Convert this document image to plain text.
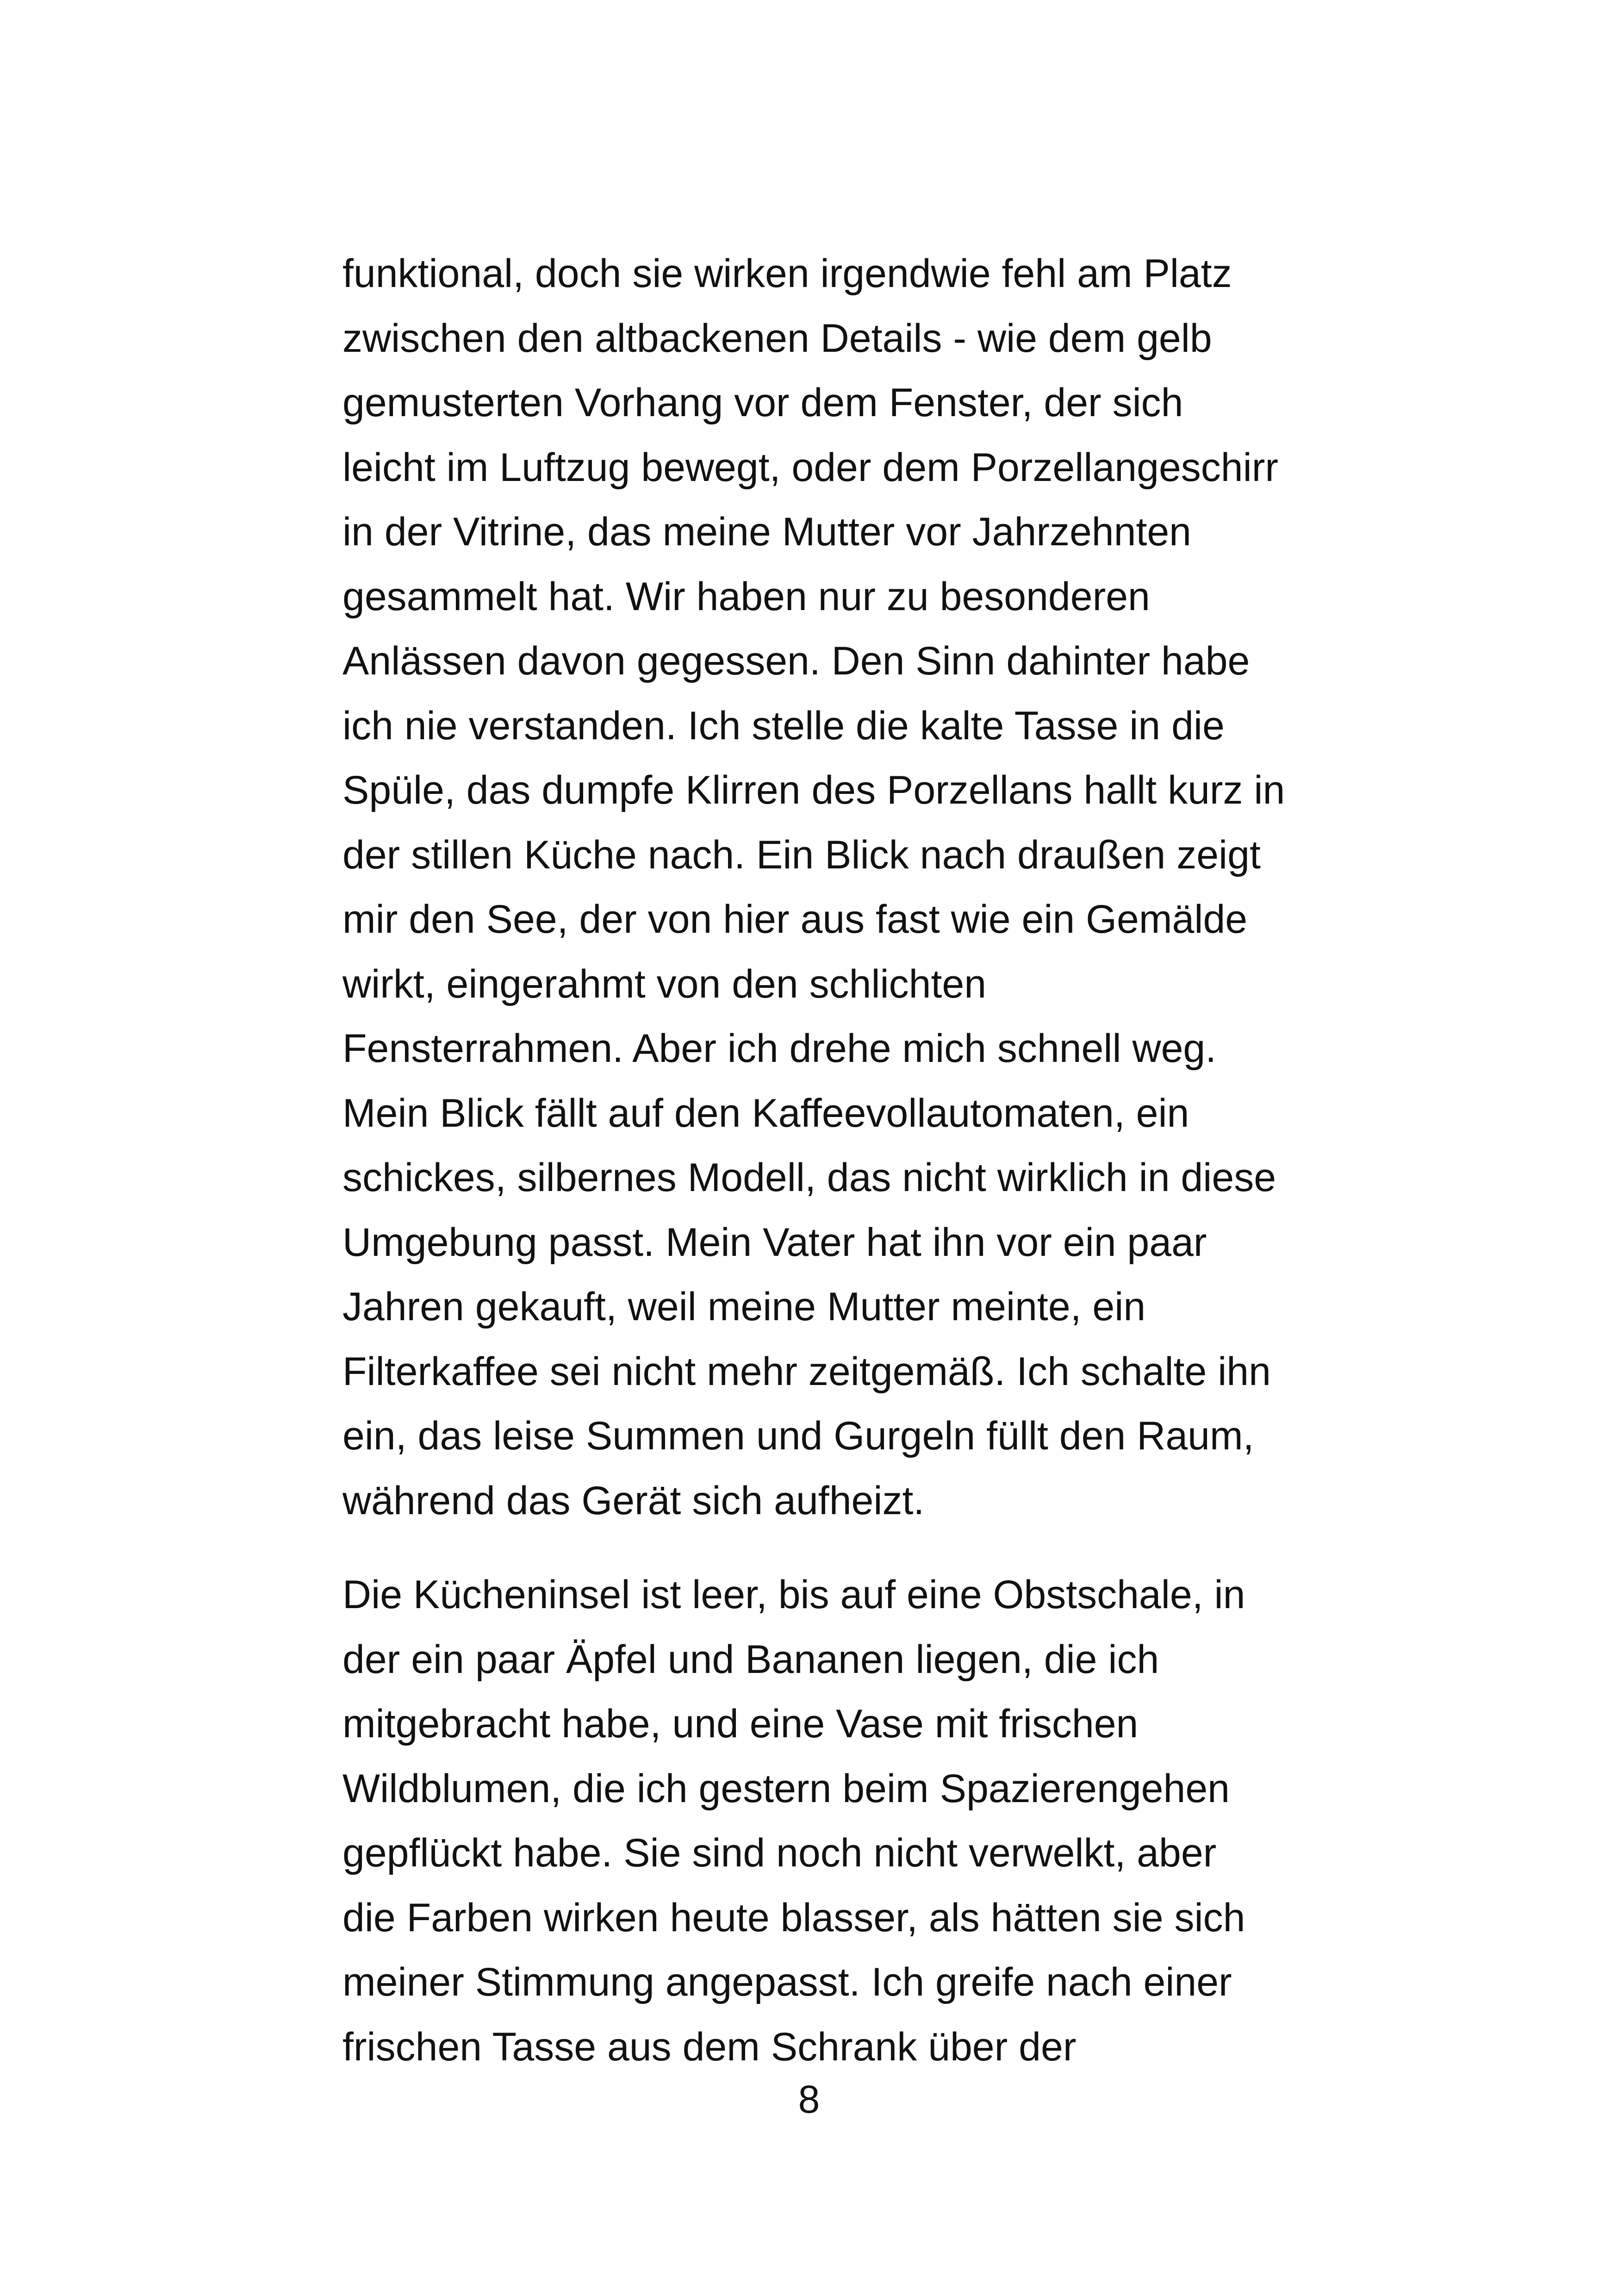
funktional, doch sie wirken irgendwie fehl am Platz
zwischen den altbackenen Details - wie dem gelb
gemusterten Vorhang vor dem Fenster, der sich
leicht im Luftzug bewegt, oder dem Porzellangeschirr
in der Vitrine, das meine Mutter vor Jahrzehnten
gesammelt hat. Wir haben nur zu besonderen
Anlässen davon gegessen. Den Sinn dahinter habe
ich nie verstanden. Ich stelle die kalte Tasse in die
Spüle, das dumpfe Klirren des Porzellans hallt kurz in
der stillen Küche nach. Ein Blick nach draußen zeigt
mir den See, der von hier aus fast wie ein Gemälde
wirkt, eingerahmt von den schlichten
Fensterrahmen. Aber ich drehe mich schnell weg.
Mein Blick fällt auf den Kaffeevollautomaten, ein
schickes, silbernes Modell, das nicht wirklich in diese
Umgebung passt. Mein Vater hat ihn vor ein paar
Jahren gekauft, weil meine Mutter meinte, ein
Filterkaffee sei nicht mehr zeitgemäß. Ich schalte ihn
ein, das leise Summen und Gurgeln füllt den Raum,
während das Gerät sich aufheizt.

Die Kücheninsel ist leer, bis auf eine Obstschale, in
der ein paar Äpfel und Bananen liegen, die ich
mitgebracht habe, und eine Vase mit frischen
Wildblumen, die ich gestern beim Spazierengehen
gepflückt habe. Sie sind noch nicht verwelkt, aber
die Farben wirken heute blasser, als hätten sie sich
meiner Stimmung angepasst. Ich greife nach einer
frischen Tasse aus dem Schrank über der

8
